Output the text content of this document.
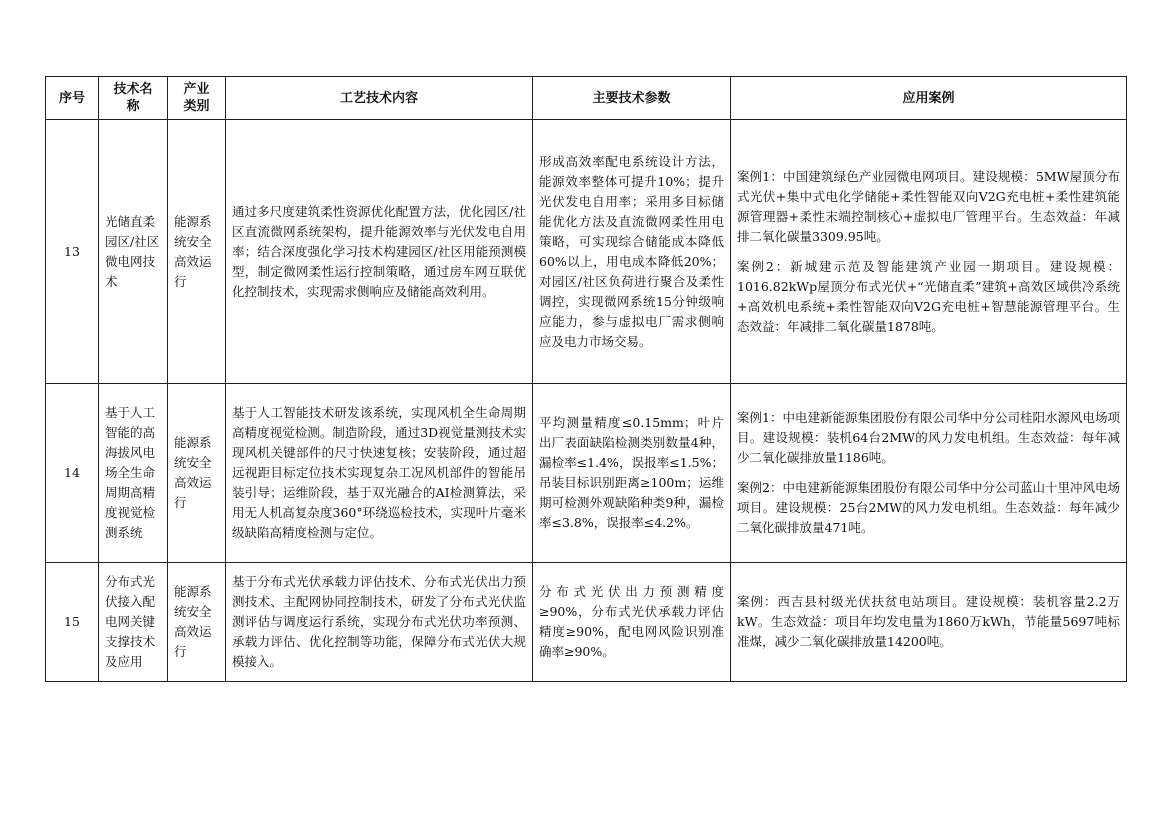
序号	技术名称	产业类别	工艺技术内容	主要技术参数	应用案例
13	光储直柔园区/社区微电网技术	能源系统安全高效运行	通过多尺度建筑柔性资源优化配置方法，优化园区/社区直流微网系统架构，提升能源效率与光伏发电自用率；结合深度强化学习技术构建园区/社区用能预测模型，制定微网柔性运行控制策略，通过房车网互联优化控制技术，实现需求侧响应及储能高效利用。	形成高效率配电系统设计方法，能源效率整体可提升10%；提升光伏发电自用率；采用多目标储能优化方法及直流微网柔性用电策略，可实现综合储能成本降低60%以上，用电成本降低20%；对园区/社区负荷进行聚合及柔性调控，实现微网系统15分钟级响应能力，参与虚拟电厂需求侧响应及电力市场交易。	案例1：中国建筑绿色产业园微电网项目。建设规模：5MW屋顶分布式光伏+集中式电化学储能+柔性智能双向V2G充电桩+柔性建筑能源管理器+柔性末端控制核心+虚拟电厂管理平台。生态效益：年减排二氧化碳量3309.95吨。
案例2：新城建示范及智能建筑产业园一期项目。建设规模：1016.82kWp屋顶分布式光伏+“光储直柔”建筑+高效区域供冷系统+高效机电系统+柔性智能双向V2G充电桩+智慧能源管理平台。生态效益：年减排二氧化碳量1878吨。

14	基于人工智能的高海拔风电场全生命周期高精度视觉检测系统	能源系统安全高效运行	基于人工智能技术研发该系统，实现风机全生命周期高精度视觉检测。制造阶段，通过3D视觉量测技术实现风机关键部件的尺寸快速复核；安装阶段，通过超远视距目标定位技术实现复杂工况风机部件的智能吊装引导；运维阶段，基于双光融合的AI检测算法，采用无人机高复杂度360°环绕巡检技术，实现叶片毫米级缺陷高精度检测与定位。	平均测量精度≤0.15mm；叶片出厂表面缺陷检测类别数量4种，漏检率≤1.4%，误报率≤1.5%；吊装目标识别距离≥100m；运维期可检测外观缺陷种类9种，漏检率≤3.8%，误报率≤4.2%。	案例1：中电建新能源集团股份有限公司华中分公司桂阳水源风电场项目。建设规模：装机64台2MW的风力发电机组。生态效益：每年减少二氧化碳排放量1186吨。
案例2：中电建新能源集团股份有限公司华中分公司蓝山十里冲风电场项目。建设规模：25台2MW的风力发电机组。生态效益：每年减少二氧化碳排放量471吨。

15	分布式光伏接入配电网关键支撑技术及应用	能源系统安全高效运行	基于分布式光伏承载力评估技术、分布式光伏出力预测技术、主配网协同控制技术，研发了分布式光伏监测评估与调度运行系统，实现分布式光伏功率预测、承载力评估、优化控制等功能，保障分布式光伏大规模接入。	分布式光伏出力预测精度≥90%，分布式光伏承载力评估精度≥90%，配电网风险识别准确率≥90%。	案例：西吉县村级光伏扶贫电站项目。建设规模：装机容量2.2万kW。生态效益：项目年均发电量为1860万kWh，节能量5697吨标准煤，减少二氧化碳排放量14200吨。
